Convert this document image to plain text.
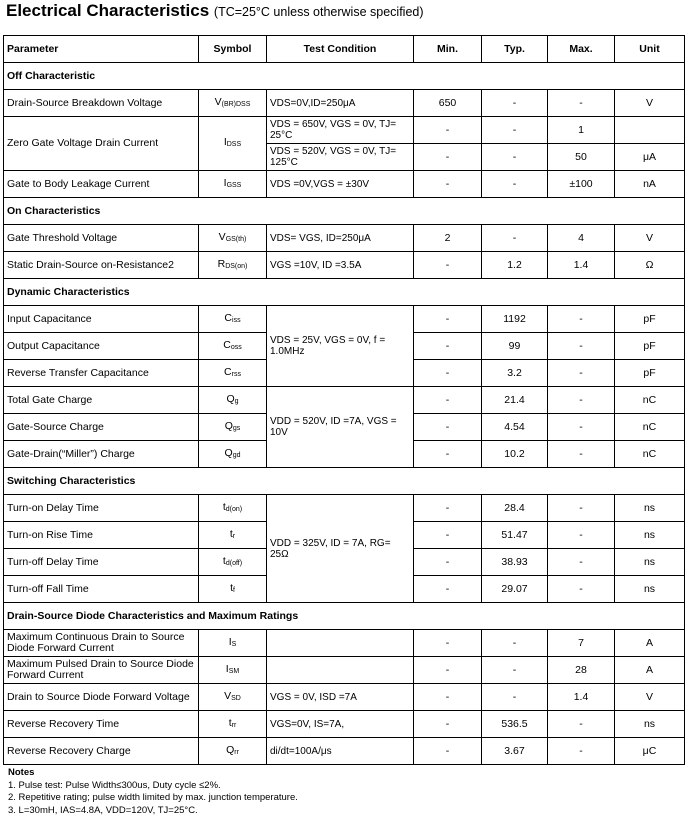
Electrical Characteristics (TC=25°C unless otherwise specified)
Parameter	Symbol	Test Condition	Min.	Typ.	Max.	Unit
Off Characteristic						
Drain-Source Breakdown Voltage	$V_{(BR)DSS}$	VDS=0V,ID=250μA	650	-	-	V
Zero Gate Voltage Drain Current	$I_{DSS}$	VDS = 650V, VGS = 0V, TJ= 25°C	-	-	1	
		VDS = 520V, VGS = 0V, TJ= 125°C	-	-	50	μA
Gate to Body Leakage Current	$I_{GSS}$	VDS =0V,VGS = ±30V	-	-	±100	nA
On Characteristics						
Gate Threshold Voltage	$V_{GS(th)}$	VDS= VGS, ID=250μA	2	-	4	V
Static Drain-Source on-Resistance2	$R_{DS(on)}$	VGS =10V, ID =3.5A	-	1.2	1.4	Ω
Dynamic Characteristics						
Input Capacitance	$C_{iss}$	VDS = 25V, VGS = 0V, f = 1.0MHz	-	1192	-	pF
Output Capacitance	$C_{oss}$		-	99	-	pF
Reverse Transfer Capacitance	$C_{rss}$		-	3.2	-	pF
Total Gate Charge	$Q_g$	VDD = 520V, ID =7A, VGS = 10V	-	21.4	-	nC
Gate-Source Charge	$Q_{gs}$		-	4.54	-	nC
Gate-Drain(“Miller”) Charge	$Q_{gd}$		-	10.2	-	nC
Switching Characteristics						
Turn-on Delay Time	$t_{d(on)}$	VDD = 325V, ID = 7A, RG= 25Ω	-	28.4	-	ns
Turn-on Rise Time	$t_r$		-	51.47	-	ns
Turn-off Delay Time	$t_{d(off)}$		-	38.93	-	ns
Turn-off Fall Time	$t_f$		-	29.07	-	ns
Drain-Source Diode Characteristics and Maximum Ratings						
Maximum Continuous Drain to Source Diode Forward Current	$I_S$		-	-	7	A
Maximum Pulsed Drain to Source Diode Forward Current	$I_{SM}$		-	-	28	A
Drain to Source Diode Forward Voltage	$V_{SD}$	VGS = 0V, ISD =7A	-	-	1.4	V
Reverse Recovery Time	$t_{rr}$	VGS=0V, IS=7A,	-	536.5	-	ns
Reverse Recovery Charge	$Q_{rr}$	di/dt=100A/μs	-	3.67	-	μC
Notes
1. Pulse test: Pulse Width≤300us, Duty cycle ≤2%.
2. Repetitive rating; pulse width limited by max. junction temperature.
3. L=30mH, IAS=4.8A, VDD=120V, TJ=25°C.
